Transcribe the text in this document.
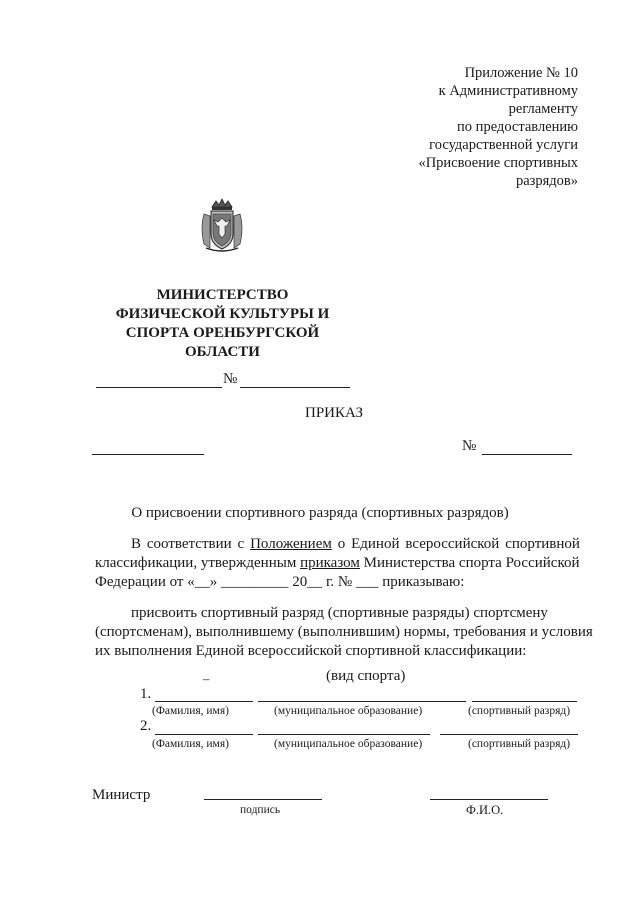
Приложение № 10
к Административному
регламенту
по предоставлению
государственной услуги
«Присвоение спортивных
разрядов»
МИНИСТЕРСТВО
ФИЗИЧЕСКОЙ КУЛЬТУРЫ И
СПОРТА ОРЕНБУРГСКОЙ
ОБЛАСТИ
№
ПРИКАЗ
№
О присвоении спортивного разряда (спортивных разрядов)
В соответствии с Положением о Единой всероссийской спортивной
классификации, утвержденным приказом Министерства спорта Российской
Федерации от «__» _________ 20__ г. № ___ приказываю:
присвоить спортивный разряд (спортивные разряды) спортсмену
(спортсменам), выполнившему (выполнившим) нормы, требования и условия
их выполнения Единой всероссийской спортивной классификации:
–	(вид спорта)
1.
(Фамилия, имя)	(муниципальное образование)	(спортивный разряд)
2.
(Фамилия, имя)	(муниципальное образование)	(спортивный разряд)
Министр
подпись	Ф.И.О.
